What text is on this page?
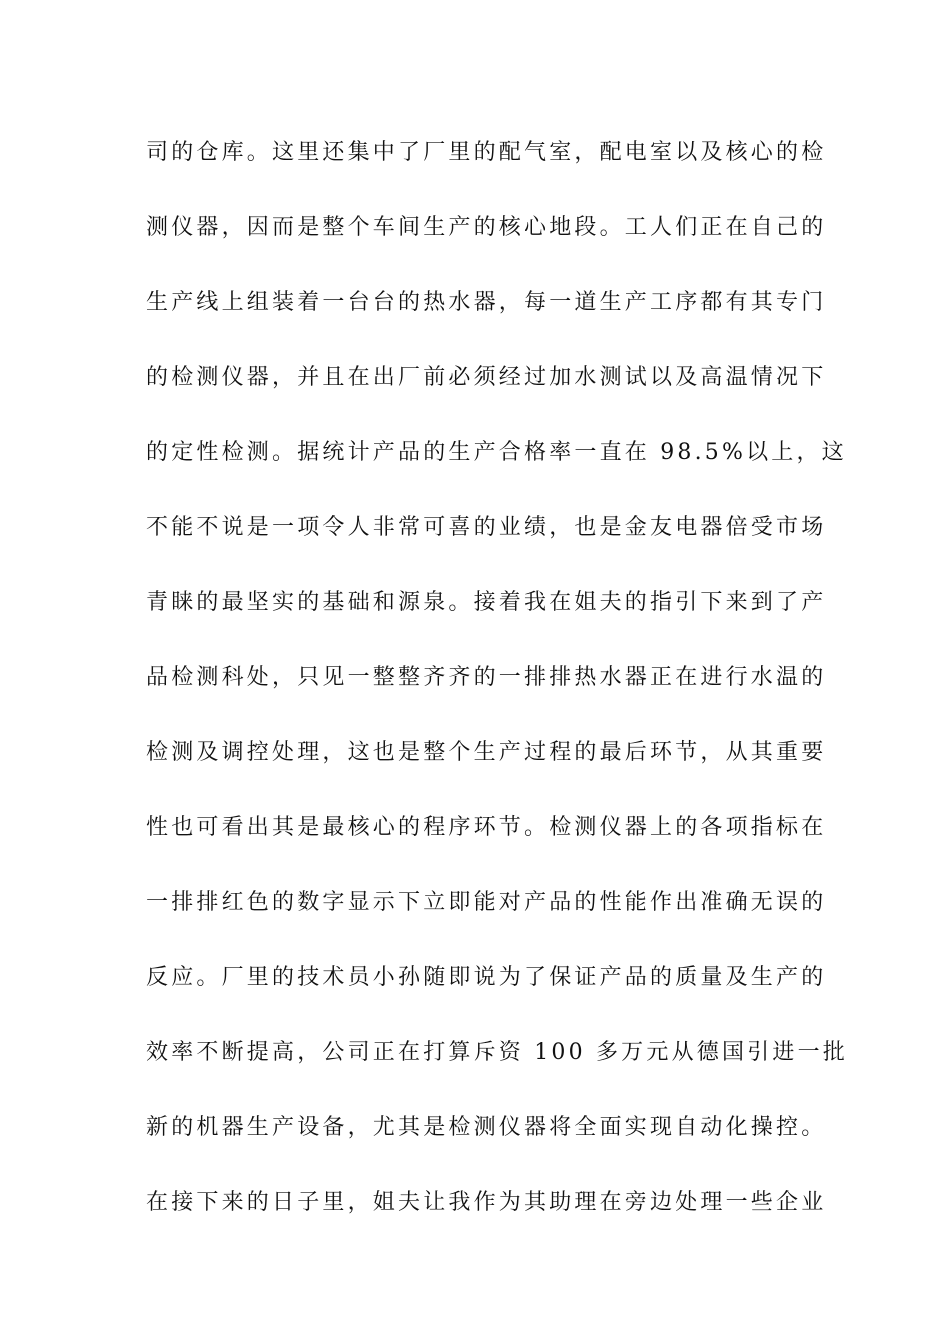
司的仓库。这里还集中了厂里的配气室，配电室以及核心的检
测仪器，因而是整个车间生产的核心地段。工人们正在自己的
生产线上组装着一台台的热水器，每一道生产工序都有其专门
的检测仪器，并且在出厂前必须经过加水测试以及高温情况下
的定性检测。据统计产品的生产合格率一直在 98.5%以上，这
不能不说是一项令人非常可喜的业绩，也是金友电器倍受市场
青睐的最坚实的基础和源泉。接着我在姐夫的指引下来到了产
品检测科处，只见一整整齐齐的一排排热水器正在进行水温的
检测及调控处理，这也是整个生产过程的最后环节，从其重要
性也可看出其是最核心的程序环节。检测仪器上的各项指标在
一排排红色的数字显示下立即能对产品的性能作出准确无误的
反应。厂里的技术员小孙随即说为了保证产品的质量及生产的
效率不断提高，公司正在打算斥资 100 多万元从德国引进一批
新的机器生产设备，尤其是检测仪器将全面实现自动化操控。
在接下来的日子里，姐夫让我作为其助理在旁边处理一些企业
